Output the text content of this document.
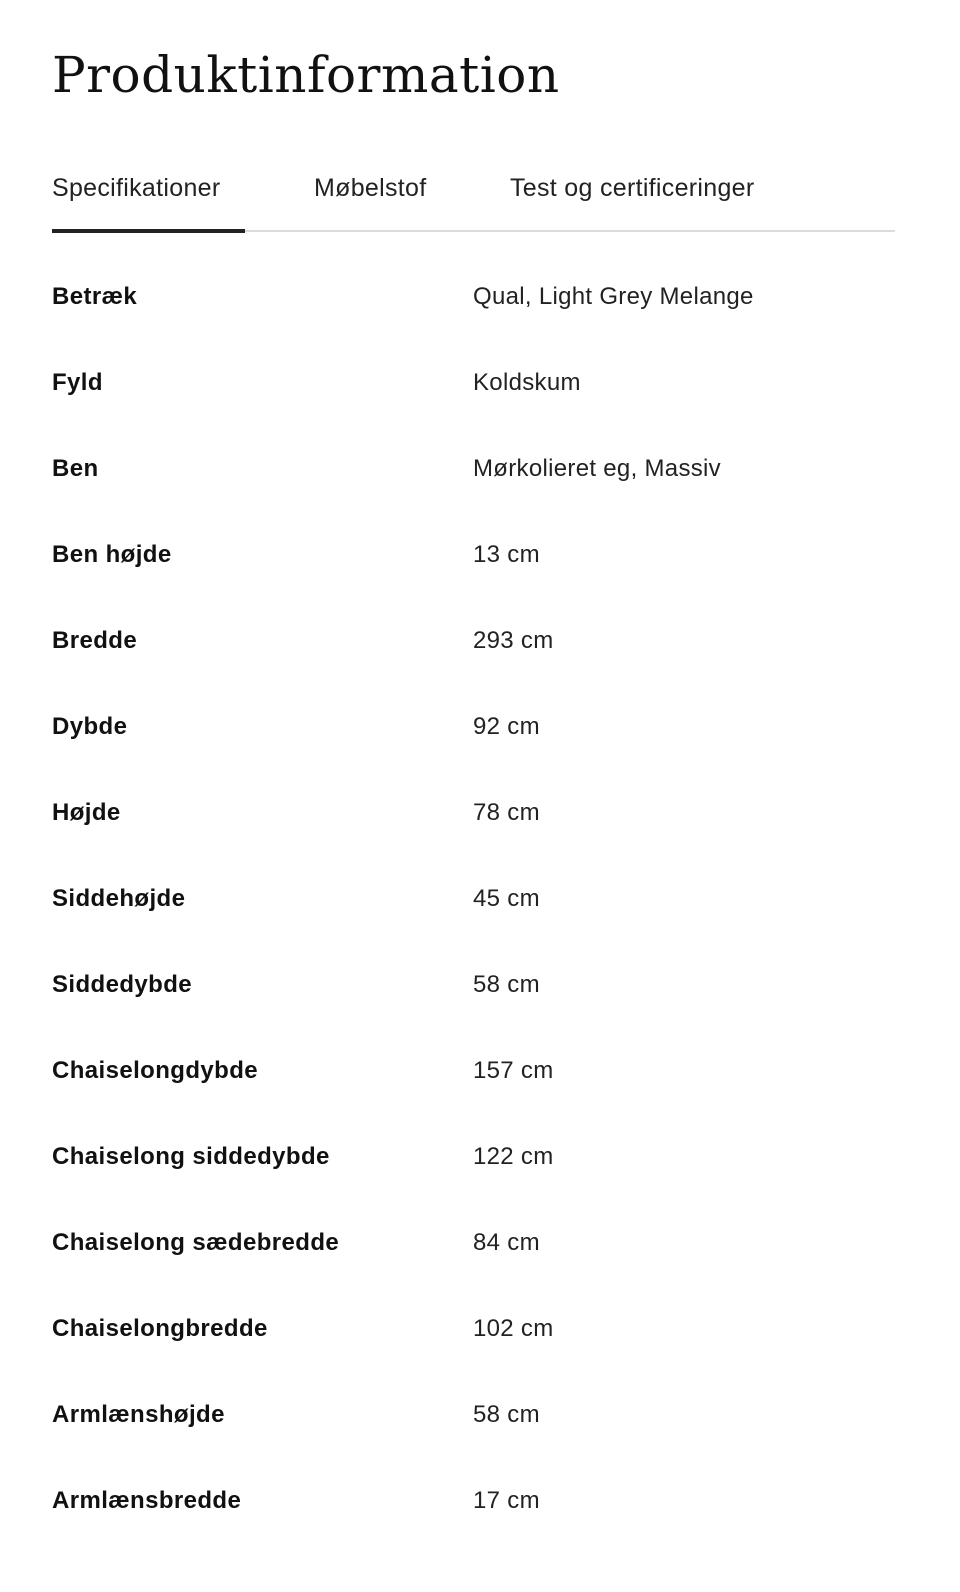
Produktinformation
Specifikationer	Møbelstof	Test og certificeringer
Betræk	Qual, Light Grey Melange
Fyld	Koldskum
Ben	Mørkolieret eg, Massiv
Ben højde	13 cm
Bredde	293 cm
Dybde	92 cm
Højde	78 cm
Siddehøjde	45 cm
Siddedybde	58 cm
Chaiselongdybde	157 cm
Chaiselong siddedybde	122 cm
Chaiselong sædebredde	84 cm
Chaiselongbredde	102 cm
Armlænshøjde	58 cm
Armlænsbredde	17 cm
